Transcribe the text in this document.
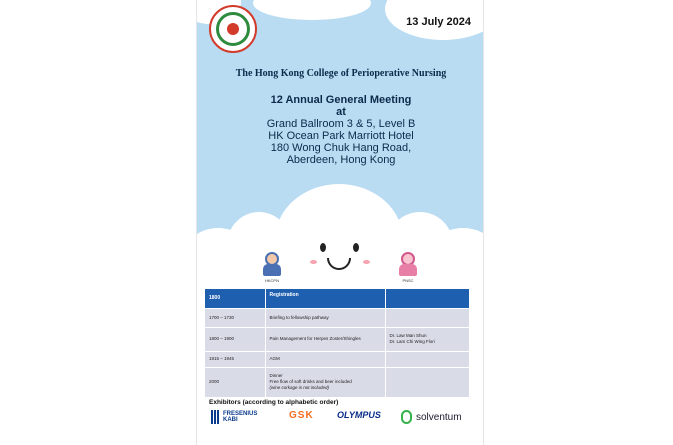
13 July 2024
The Hong Kong College of Perioperative Nursing
12 Annual General Meeting
at
Grand Ballroom 3 & 5, Level B
HK Ocean Park Marriott Hotel
180 Wong Chuk Hang Road,
Aberdeen, Hong Kong
HKCPN	PNSC
1800	Registration	
1700 – 1730	Briefing to fellowship pathway	
1800 – 1900	Pain Management for Herpes Zoster/Shingles	Dr. Law Man Shun
Dr. Lam Chi Wing Flori

1915 – 1945	AGM	
2000	Dinner
Free flow of soft drinks and beer included
(wine corkage is not included)	

Exhibitors (according to alphabetic order)
FRESENIUS
KABI	GSK	OLYMPUS	solventum
